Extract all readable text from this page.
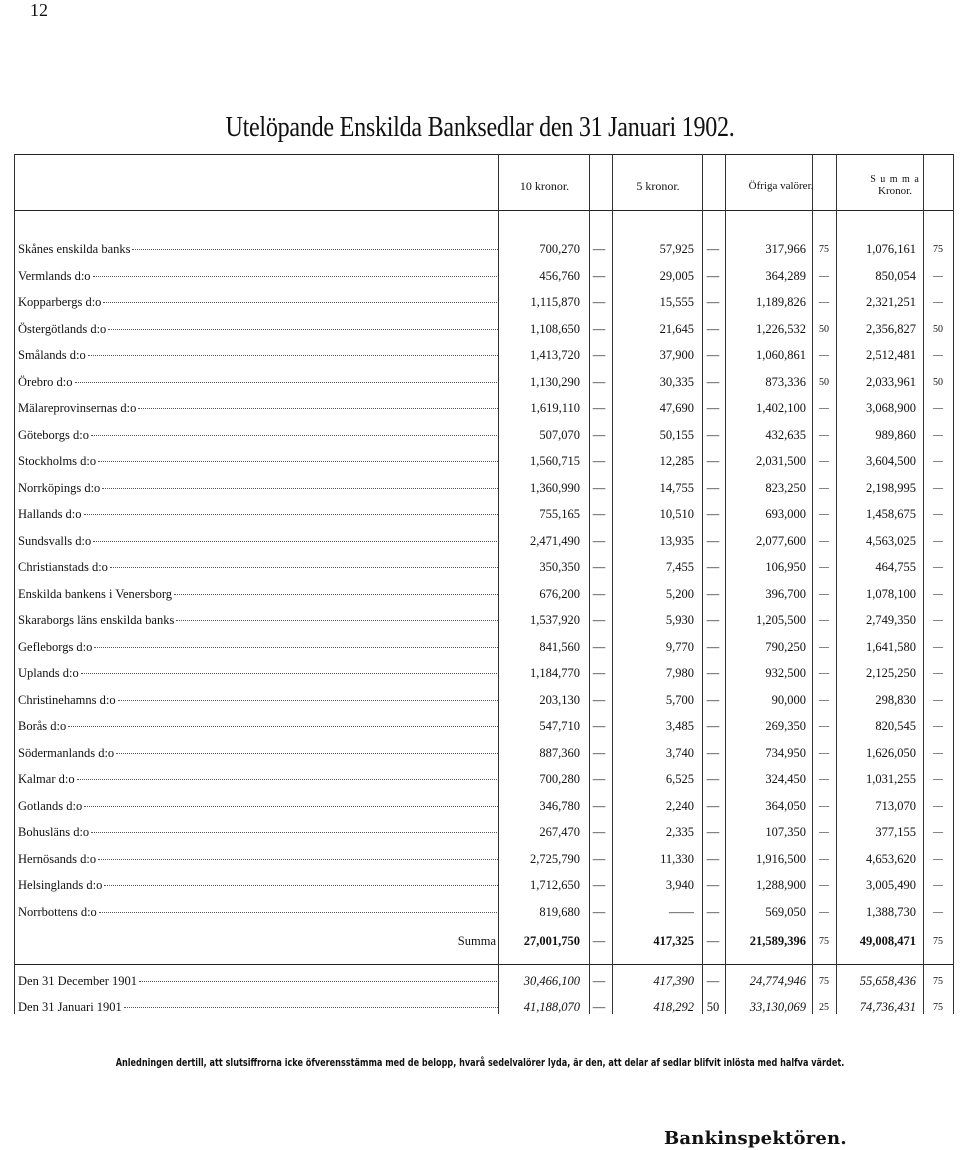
12
Utelöpande Enskilda Banksedlar den 31 Januari 1902.
10 kronor.	5 kronor.	Öfriga valörer.
S u m m a
Kronor.
Skånes enskilda banks	700,270 —	57,925 —	317,966	75	1,076,161	75
Vermlands d:o	456,760 —	29,005 —	364,289	—	850,054	—
Kopparbergs d:o	1,115,870 —	15,555 —	1,189,826	—	2,321,251	—
Östergötlands d:o	1,108,650 —	21,645 —	1,226,532	50	2,356,827	50
Smålands d:o	1,413,720 —	37,900 —	1,060,861	—	2,512,481	—
Örebro d:o	1,130,290 —	30,335 —	873,336	50	2,033,961	50
Mälareprovinsernas d:o	1,619,110 —	47,690 —	1,402,100	—	3,068,900	—
Göteborgs d:o	507,070 —	50,155 —	432,635	—	989,860	—
Stockholms d:o	1,560,715 —	12,285 —	2,031,500	—	3,604,500	—
Norrköpings d:o	1,360,990 —	14,755 —	823,250	—	2,198,995	—
Hallands d:o	755,165 —	10,510 —	693,000	—	1,458,675	—
Sundsvalls d:o	2,471,490 —	13,935 —	2,077,600	—	4,563,025	—
Christianstads d:o	350,350 —	7,455 —	106,950	—	464,755	—
Enskilda bankens i Venersborg	676,200 —	5,200 —	396,700	—	1,078,100	—
Skaraborgs läns enskilda banks	1,537,920 —	5,930 —	1,205,500	—	2,749,350	—
Gefleborgs d:o	841,560 —	9,770 —	790,250	—	1,641,580	—
Uplands d:o	1,184,770 —	7,980 —	932,500	—	2,125,250	—
Christinehamns d:o	203,130 —	5,700 —	90,000	—	298,830	—
Borås d:o	547,710 —	3,485 —	269,350	—	820,545	—
Södermanlands d:o	887,360 —	3,740 —	734,950	—	1,626,050	—
Kalmar d:o	700,280 —	6,525 —	324,450	—	1,031,255	—
Gotlands d:o	346,780 —	2,240 —	364,050	—	713,070	—
Bohusläns d:o	267,470 —	2,335 —	107,350	—	377,155	—
Hernösands d:o	2,725,790 —	11,330 —	1,916,500	—	4,653,620	—
Helsinglands d:o	1,712,650 —	3,940 —	1,288,900	—	3,005,490	—
Norrbottens d:o	819,680 —	—— —	569,050	—	1,388,730	—
Summa	27,001,750 —	417,325 —	21,589,396	75	49,008,471	75
Den 31 December 1901	30,466,100 —	417,390 —	24,774,946	75	55,658,436	75
Den 31 Januari 1901	41,188,070 —	418,292 50	33,130,069	25	74,736,431	75
Anledningen dertill, att slutsiffrorna icke öfverensstämma med de belopp, hvarå sedelvalörer lyda, är den, att delar af sedlar blifvit inlösta med halfva värdet.
Bankinspektören.
